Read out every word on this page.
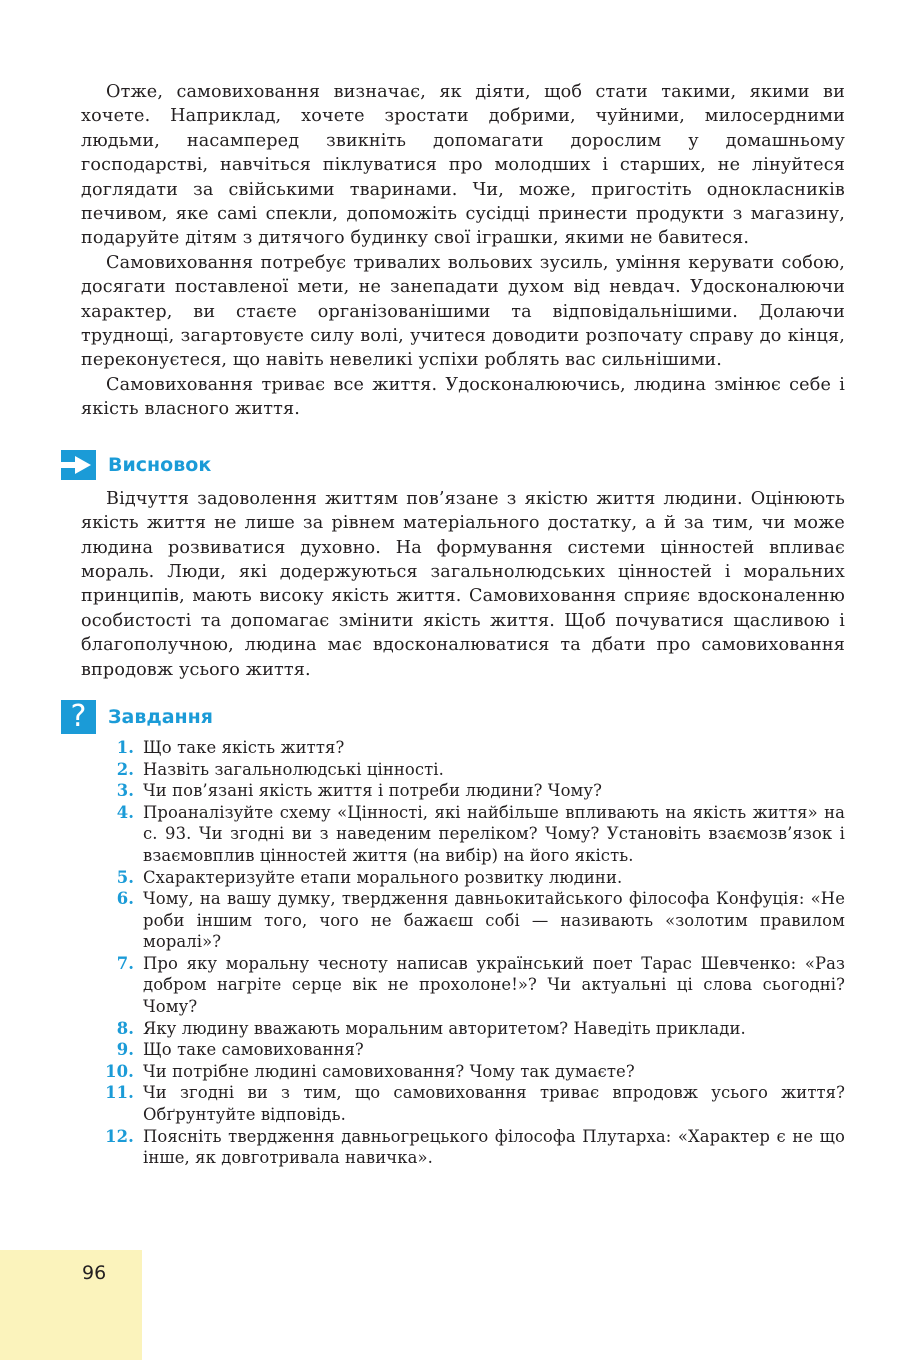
Отже, самовиховання визначає, як діяти, щоб стати такими, якими ви хочете. Наприклад, хочете зростати добрими, чуйними, милосердними людьми, насамперед звикніть допомагати дорослим у домашньому господарстві, навчіться піклуватися про молодших і старших, не лінуйтеся доглядати за свійськими тваринами. Чи, може, пригостіть однокласників печивом, яке самі спекли, допоможіть сусідці принести продукти з магазину, подаруйте дітям з дитячого будинку свої іграшки, якими не бавитеся.

Самовиховання потребує тривалих вольових зусиль, уміння керувати собою, досягати поставленої мети, не занепадати духом від невдач. Удосконалюючи характер, ви стаєте організованішими та відповідальнішими. Долаючи труднощі, загартовуєте силу волі, учитеся доводити розпочату справу до кінця, переконуєтеся, що навіть невеликі успіхи роблять вас сильнішими.

Самовиховання триває все життя. Удосконалюючись, людина змінює себе і якість власного життя.

Висновок

Відчуття задоволення життям пов’язане з якістю життя людини. Оцінюють якість життя не лише за рівнем матеріального достатку, а й за тим, чи може людина розвиватися духовно. На формування системи цінностей впливає мораль. Люди, які додержуються загальнолюдських цінностей і моральних принципів, мають високу якість життя. Самовиховання сприяє вдосконаленню особистості та допомагає змінити якість життя. Щоб почуватися щасливою і благополучною, людина має вдосконалюватися та дбати про самовиховання впродовж усього життя.

?	Завдання
1. Що таке якість життя?
2. Назвіть загальнолюдські цінності.
3. Чи пов’язані якість життя і потреби людини? Чому?
4. Проаналізуйте схему «Цінності, які найбільше впливають на якість життя» на с. 93. Чи згодні ви з наведеним переліком? Чому? Установіть взаємозв’язок і взаємовплив цінностей життя (на вибір) на його якість.
5. Схарактеризуйте етапи морального розвитку людини.
6. Чому, на вашу думку, твердження давньокитайського філософа Конфуція: «Не роби іншим того, чого не бажаєш собі — називають «золотим правилом моралі»?
7. Про яку моральну чесноту написав український поет Тарас Шевченко: «Раз добром нагріте серце вік не прохолоне!»? Чи актуальні ці слова сьогодні? Чому?
8. Яку людину вважають моральним авторитетом? Наведіть приклади.
9. Що таке самовиховання?
10. Чи потрібне людині самовиховання? Чому так думаєте?
11. Чи згодні ви з тим, що самовиховання триває впродовж усього життя? Обґрунтуйте відповідь.
12. Поясніть твердження давньогрецького філософа Плутарха: «Характер є не що інше, як довготривала навичка».
96
